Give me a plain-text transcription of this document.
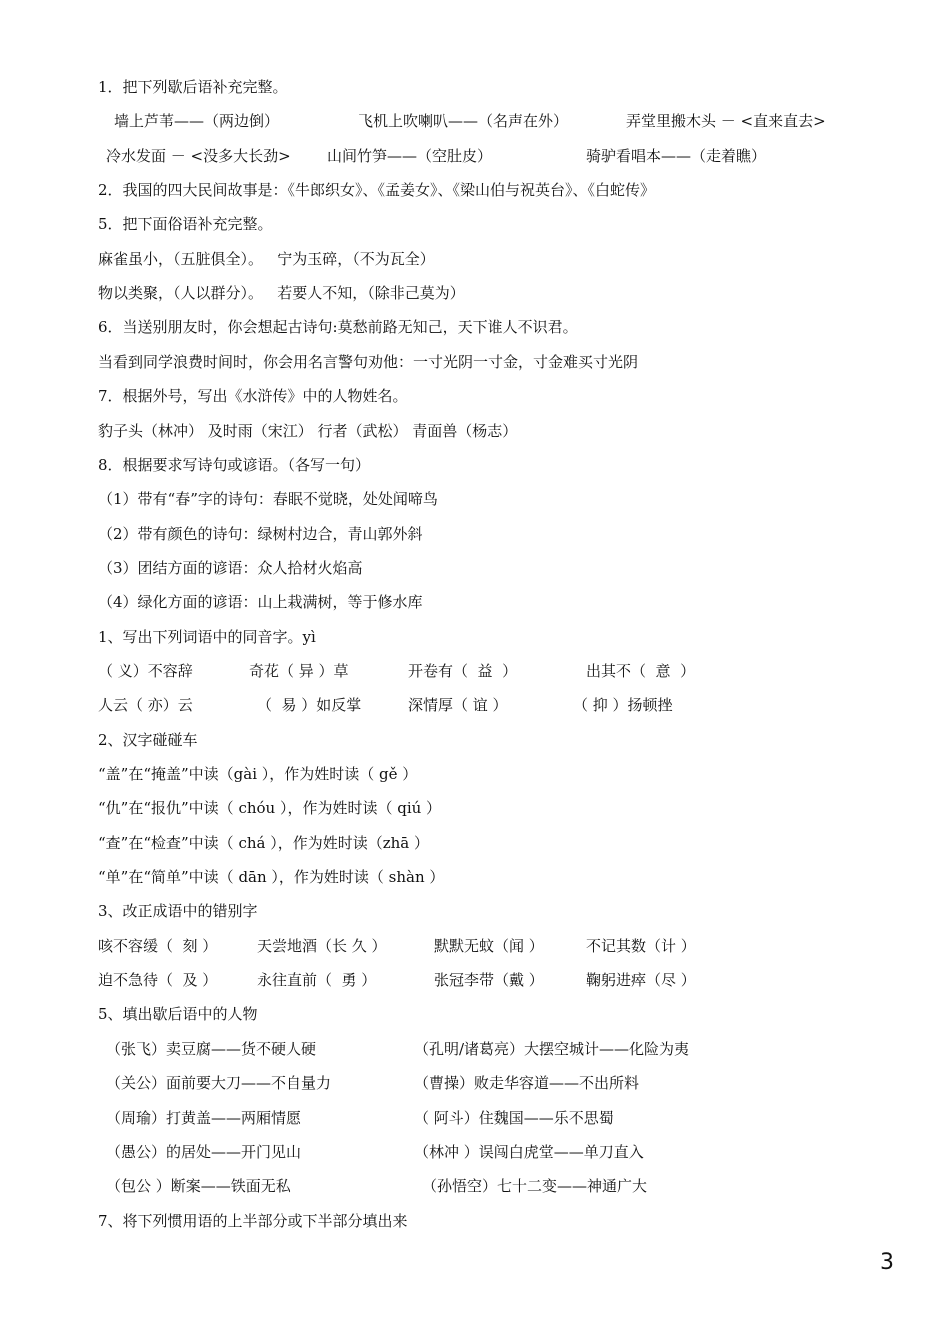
1．把下列歇后语补充完整。
2．我国的四大民间故事是：《牛郎织女》、《孟姜女》、《梁山伯与祝英台》、《白蛇传》
5．把下面俗语补充完整。
麻雀虽小，（五脏俱全）。   宁为玉碎，（不为瓦全）
物以类聚，（人以群分）。   若要人不知，（除非己莫为）
6．当送别朋友时，你会想起古诗句:莫愁前路无知己，天下谁人不识君。
当看到同学浪费时间时，你会用名言警句劝他：一寸光阴一寸金，寸金难买寸光阴
7．根据外号，写出《水浒传》中的人物姓名。
豹子头（林冲） 及时雨（宋江） 行者（武松） 青面兽（杨志）
8．根据要求写诗句或谚语。（各写一句）
（1）带有“春”字的诗句：春眠不觉晓，处处闻啼鸟
（2）带有颜色的诗句：绿树村边合，青山郭外斜
（3）团结方面的谚语：众人拾材火焰高
（4）绿化方面的谚语：山上栽满树，等于修水库
1、写出下列词语中的同音字。yì
2、汉字碰碰车
“盖”在“掩盖”中读（gài ），作为姓时读（ gě ）
“仇”在“报仇”中读（ chóu ），作为姓时读（ qiú ）
“查”在“检查”中读（ chá ），作为姓时读（zhā ）
“单”在“简单”中读（ dān ），作为姓时读（ shàn ）
3、改正成语中的错别字
5、填出歇后语中的人物
7、将下列惯用语的上半部分或下半部分填出来
墙上芦苇——（两边倒）	飞机上吹喇叭——（名声在外）	弄堂里搬木头 － <直来直去>
冷水发面 － <没多大长劲> 山间竹笋——（空肚皮）	骑驴看唱本——（走着瞧）
（ 义）不容辞	奇花（ 异 ）草	开卷有（  益  ）	出其不（  意  ）
人云（ 亦）云	（  易 ）如反掌	深情厚（ 谊 ）	（ 抑 ）扬顿挫
咳不容缓（  刻 ）	天尝地酒（长 久 ）	默默无蚊（闻 ）	不记其数（计 ）
迫不急待（  及 ）	永往直前（  勇 ）	张冠李带（戴 ）	鞠躬进瘁（尽 ）
（张飞）卖豆腐——货不硬人硬	（孔明/诸葛亮）大摆空城计——化险为夷
（关公）面前要大刀——不自量力	（曹操）败走华容道——不出所料
（周瑜）打黄盖——两厢情愿	（ 阿斗）住魏国——乐不思蜀
（愚公）的居处——开门见山	（林冲 ）误闯白虎堂——单刀直入
（包公 ）断案——铁面无私	（孙悟空）七十二变——神通广大
3
